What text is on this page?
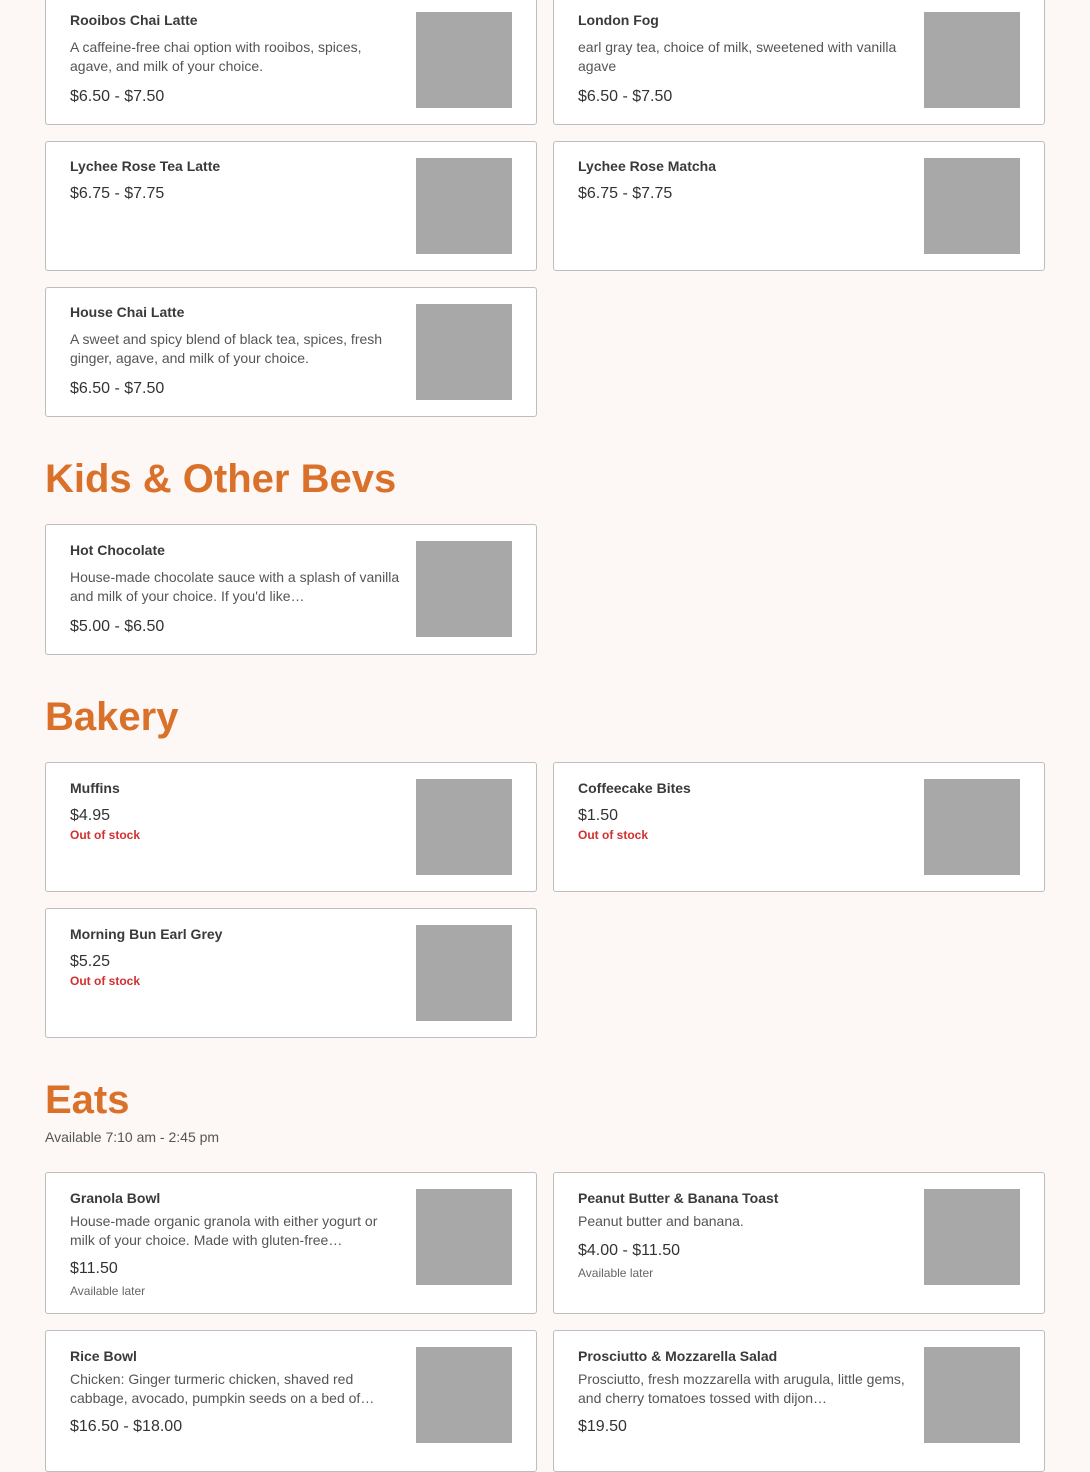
Rooibos Chai Latte
A caffeine-free chai option with rooibos, spices, agave, and milk of your choice.
$6.50 - $7.50
London Fog
earl gray tea, choice of milk, sweetened with vanilla agave
$6.50 - $7.50
Lychee Rose Tea Latte
$6.75 - $7.75
Lychee Rose Matcha
$6.75 - $7.75
House Chai Latte
A sweet and spicy blend of black tea, spices, fresh ginger, agave, and milk of your choice.
$6.50 - $7.50
Kids & Other Bevs
Hot Chocolate
House-made chocolate sauce with a splash of vanilla and milk of your choice. If you'd like…
$5.00 - $6.50
Bakery
Muffins
$4.95
Out of stock
Coffeecake Bites
$1.50
Out of stock
Morning Bun Earl Grey
$5.25
Out of stock
Eats
Available 7:10 am - 2:45 pm
Granola Bowl
House-made organic granola with either yogurt or milk of your choice. Made with gluten-free…
$11.50
Available later
Peanut Butter & Banana Toast
Peanut butter and banana.
$4.00 - $11.50
Available later
Rice Bowl
Chicken: Ginger turmeric chicken, shaved red cabbage, avocado, pumpkin seeds on a bed of…
$16.50 - $18.00
Prosciutto & Mozzarella Salad
Prosciutto, fresh mozzarella with arugula, little gems, and cherry tomatoes tossed with dijon…
$19.50
